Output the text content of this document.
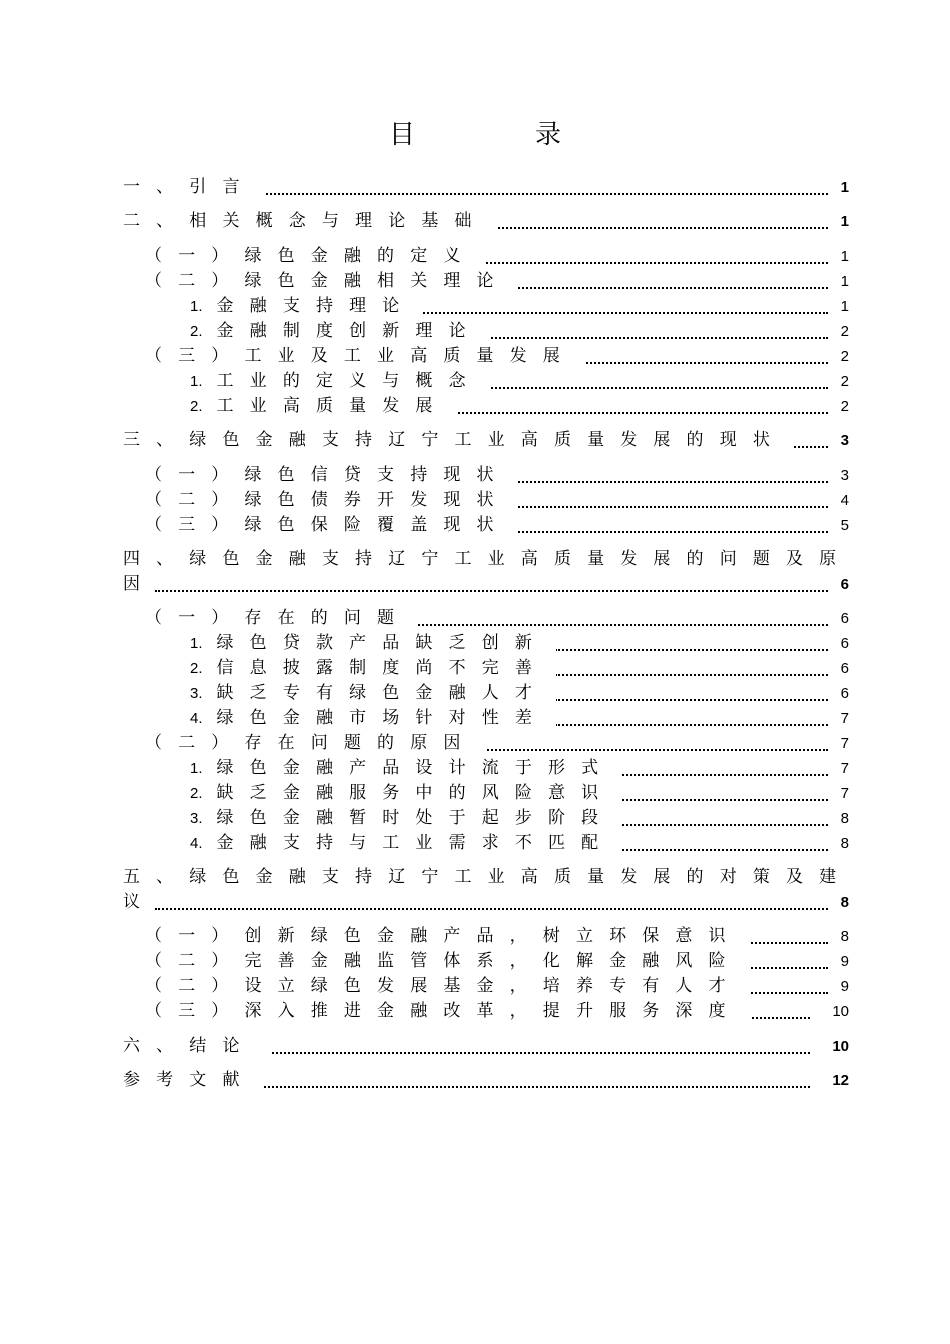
目	录
一、引言	1
二、相关概念与理论基础	1
（一）绿色金融的定义	1
（二）绿色金融相关理论	1
1. 金融支持理论	1
2. 金融制度创新理论	2
（三）工业及工业高质量发展	2
1. 工业的定义与概念	2
2. 工业高质量发展	2
三、绿色金融支持辽宁工业高质量发展的现状	3
（一）绿色信贷支持现状	3
（二）绿色债券开发现状	4
（三）绿色保险覆盖现状	5
四、绿色金融支持辽宁工业高质量发展的问题及原
因	6
（一）存在的问题	6
1. 绿色贷款产品缺乏创新	6
2. 信息披露制度尚不完善	6
3. 缺乏专有绿色金融人才	6
4. 绿色金融市场针对性差	7
（二）存在问题的原因	7
1. 绿色金融产品设计流于形式	7
2. 缺乏金融服务中的风险意识	7
3. 绿色金融暂时处于起步阶段	8
4. 金融支持与工业需求不匹配	8
五、绿色金融支持辽宁工业高质量发展的对策及建
议	8
（一）创新绿色金融产品，树立环保意识	8
（二）完善金融监管体系，化解金融风险	9
（二）设立绿色发展基金，培养专有人才	9
（三）深入推进金融改革，提升服务深度	10
六、结论	10
参考文献	12
